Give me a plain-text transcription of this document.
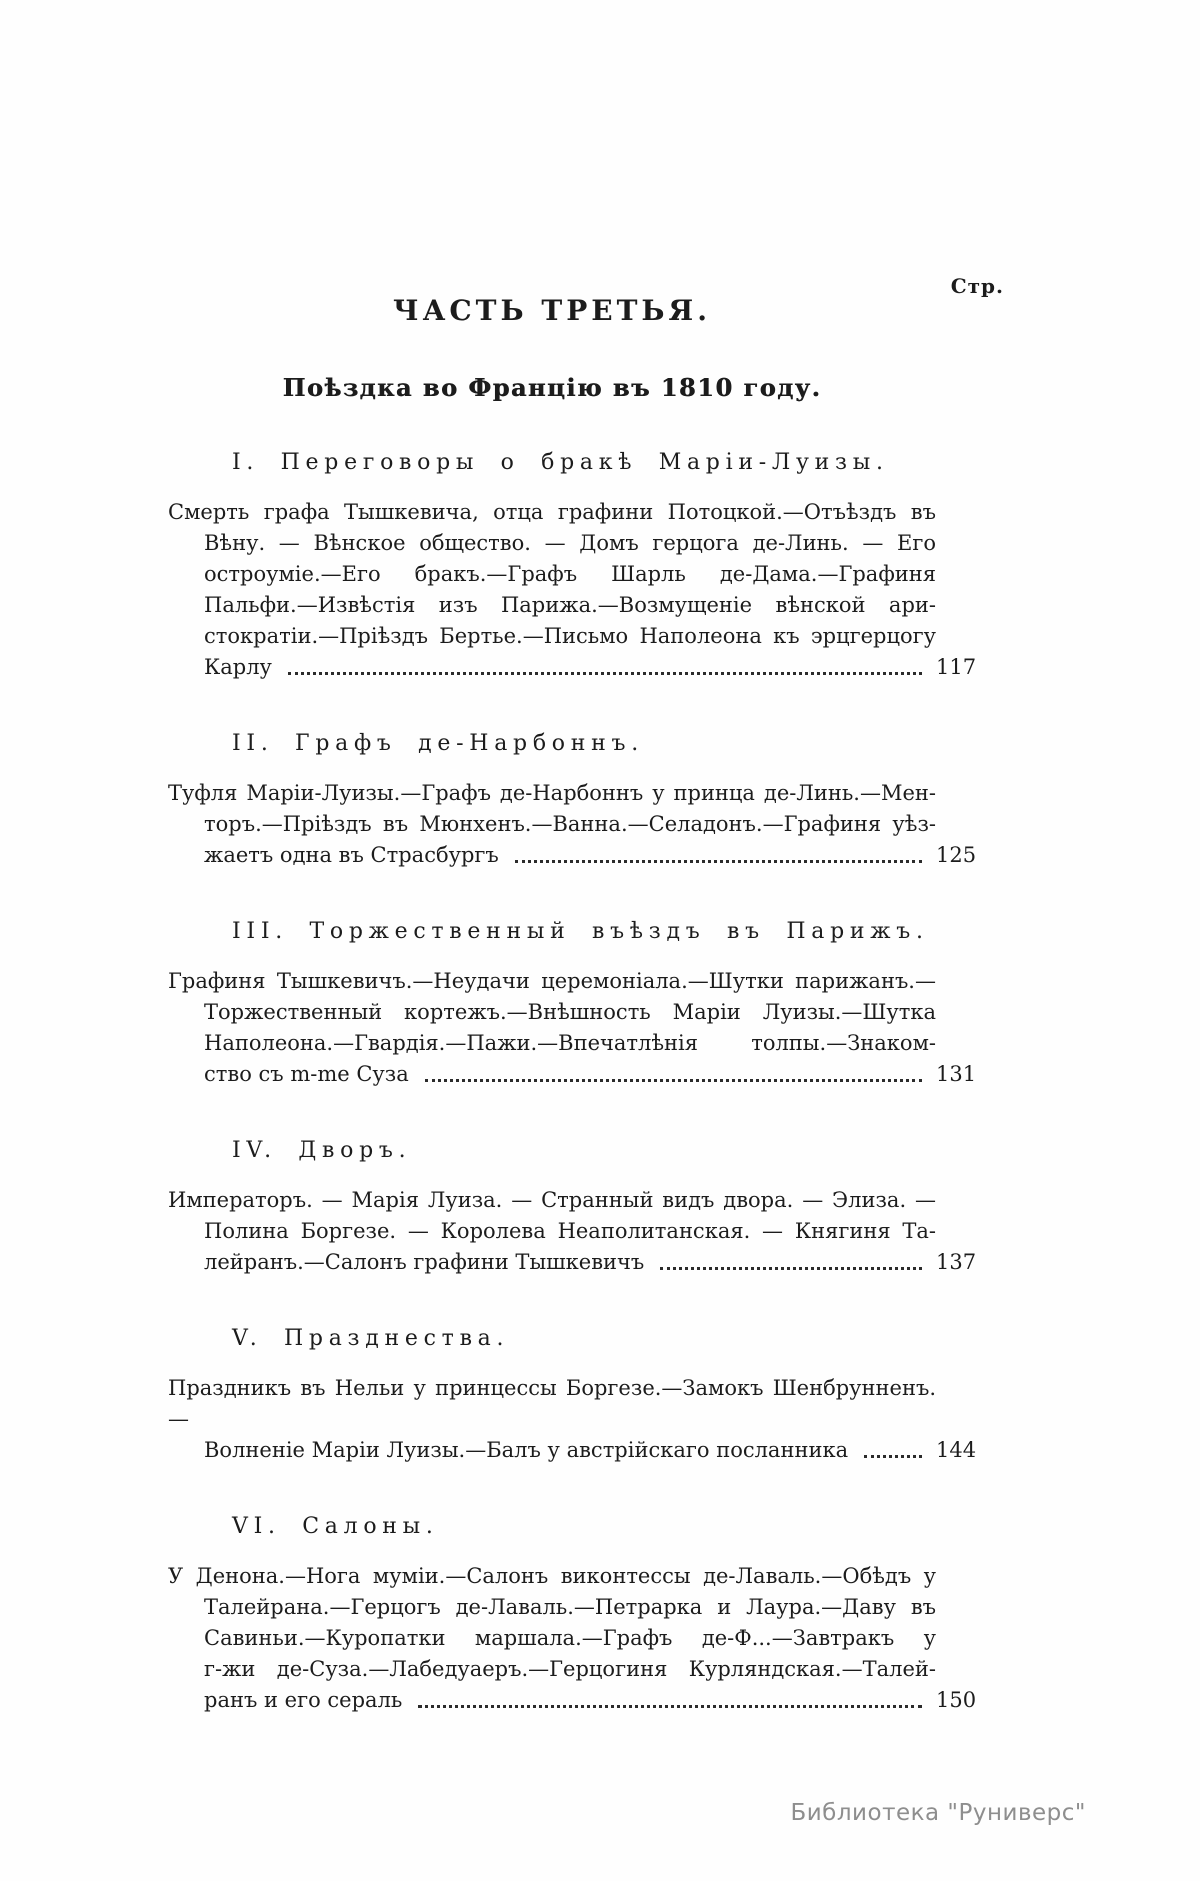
Стр.
ЧАСТЬ ТРЕТЬЯ.
Поѣздка во Францію въ 1810 году.
I. Переговоры о бракѣ Маріи-Луизы.
Смерть графа Тышкевича, отца графини Потоцкой.—Отъѣздъ въ
Вѣну. — Вѣнское общество. — Домъ герцога де-Линь. — Его
остроуміе.—Его бракъ.—Графъ Шарль де-Дама.—Графиня
Пальфи.—Извѣстія изъ Парижа.—Возмущеніе вѣнской ари-
стократіи.—Пріѣздъ Бертье.—Письмо Наполеона къ эрцгерцогу
Карлу	117
II. Графъ де-Нарбоннъ.
Туфля Маріи-Луизы.—Графъ де-Нарбоннъ у принца де-Линь.—Мен-
торъ.—Пріѣздъ въ Мюнхенъ.—Ванна.—Селадонъ.—Графиня уѣз-
жаетъ одна въ Страсбургъ	125
III. Торжественный въѣздъ въ Парижъ.
Графиня Тышкевичъ.—Неудачи церемоніала.—Шутки парижанъ.—
Торжественный кортежъ.—Внѣшность Маріи Луизы.—Шутка
Наполеона.—Гвардія.—Пажи.—Впечатлѣнія толпы.—Знаком-
ство съ m-me Суза	131
IV. Дворъ.
Императоръ. — Марія Луиза. — Странный видъ двора. — Элиза. —
Полина Боргезе. — Королева Неаполитанская. — Княгиня Та-
лейранъ.—Салонъ графини Тышкевичъ	137
V. Празднества.
Праздникъ въ Нельи у принцессы Боргезе.—Замокъ Шенбрунненъ.—
Волненіе Маріи Луизы.—Балъ у австрійскаго посланника	144
VI. Салоны.
У Денона.—Нога муміи.—Салонъ виконтессы де-Лаваль.—Обѣдъ у
Талейрана.—Герцогъ де-Лаваль.—Петрарка и Лаура.—Даву въ
Савиньи.—Куропатки маршала.—Графъ де-Ф...—Завтракъ у
г-жи де-Суза.—Лабедуаеръ.—Герцогиня Курляндская.—Талей-
ранъ и его сераль	150
Библиотека "Руниверс"
